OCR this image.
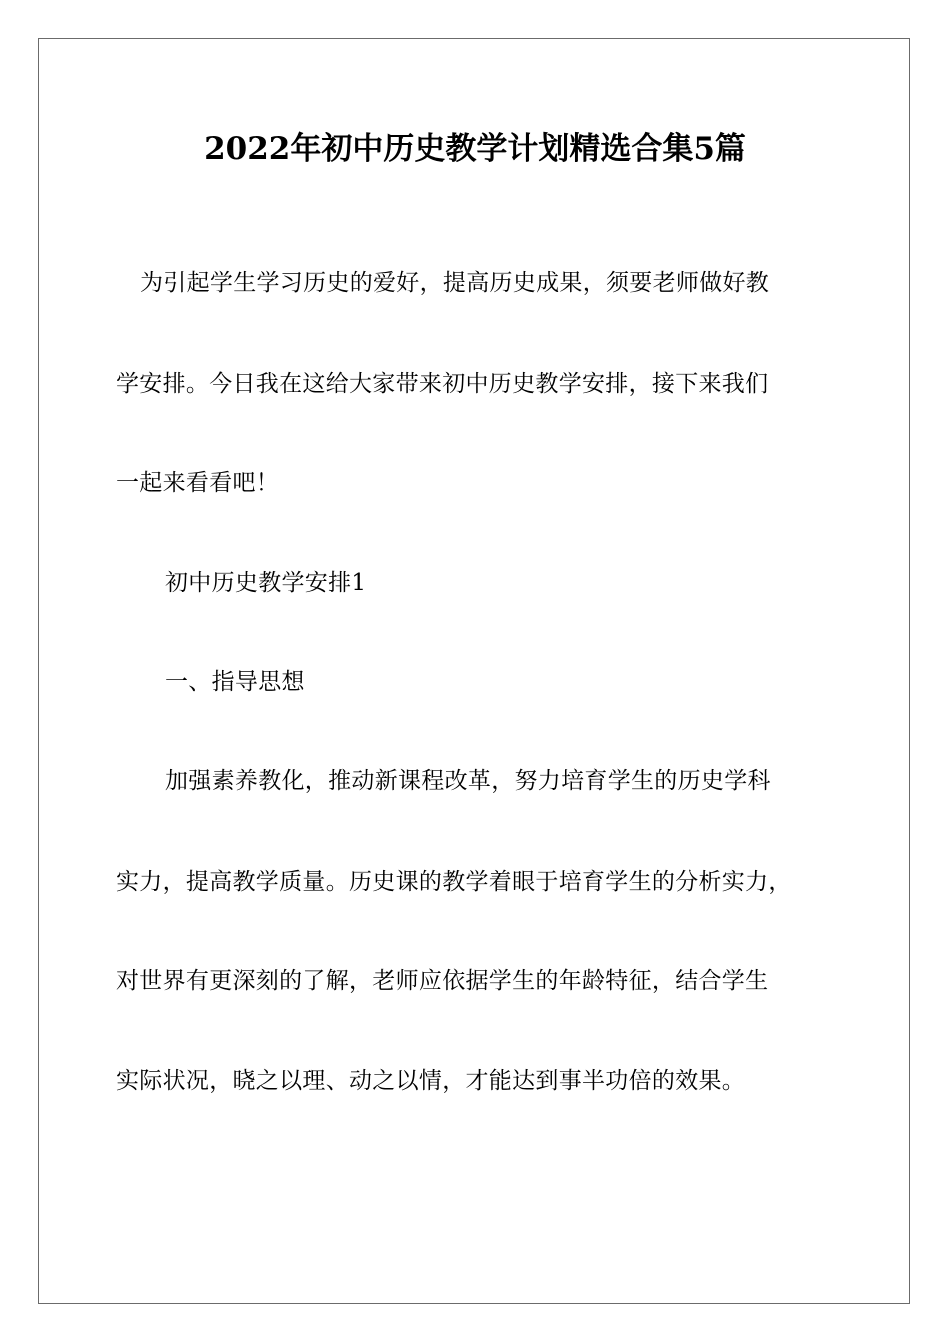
2022年初中历史教学计划精选合集5篇
为引起学生学习历史的爱好，提高历史成果，须要老师做好教
学安排。今日我在这给大家带来初中历史教学安排，接下来我们
一起来看看吧！
初中历史教学安排1
一、指导思想
加强素养教化，推动新课程改革，努力培育学生的历史学科
实力，提高教学质量。历史课的教学着眼于培育学生的分析实力，
对世界有更深刻的了解，老师应依据学生的年龄特征，结合学生
实际状况，晓之以理、动之以情，才能达到事半功倍的效果。
